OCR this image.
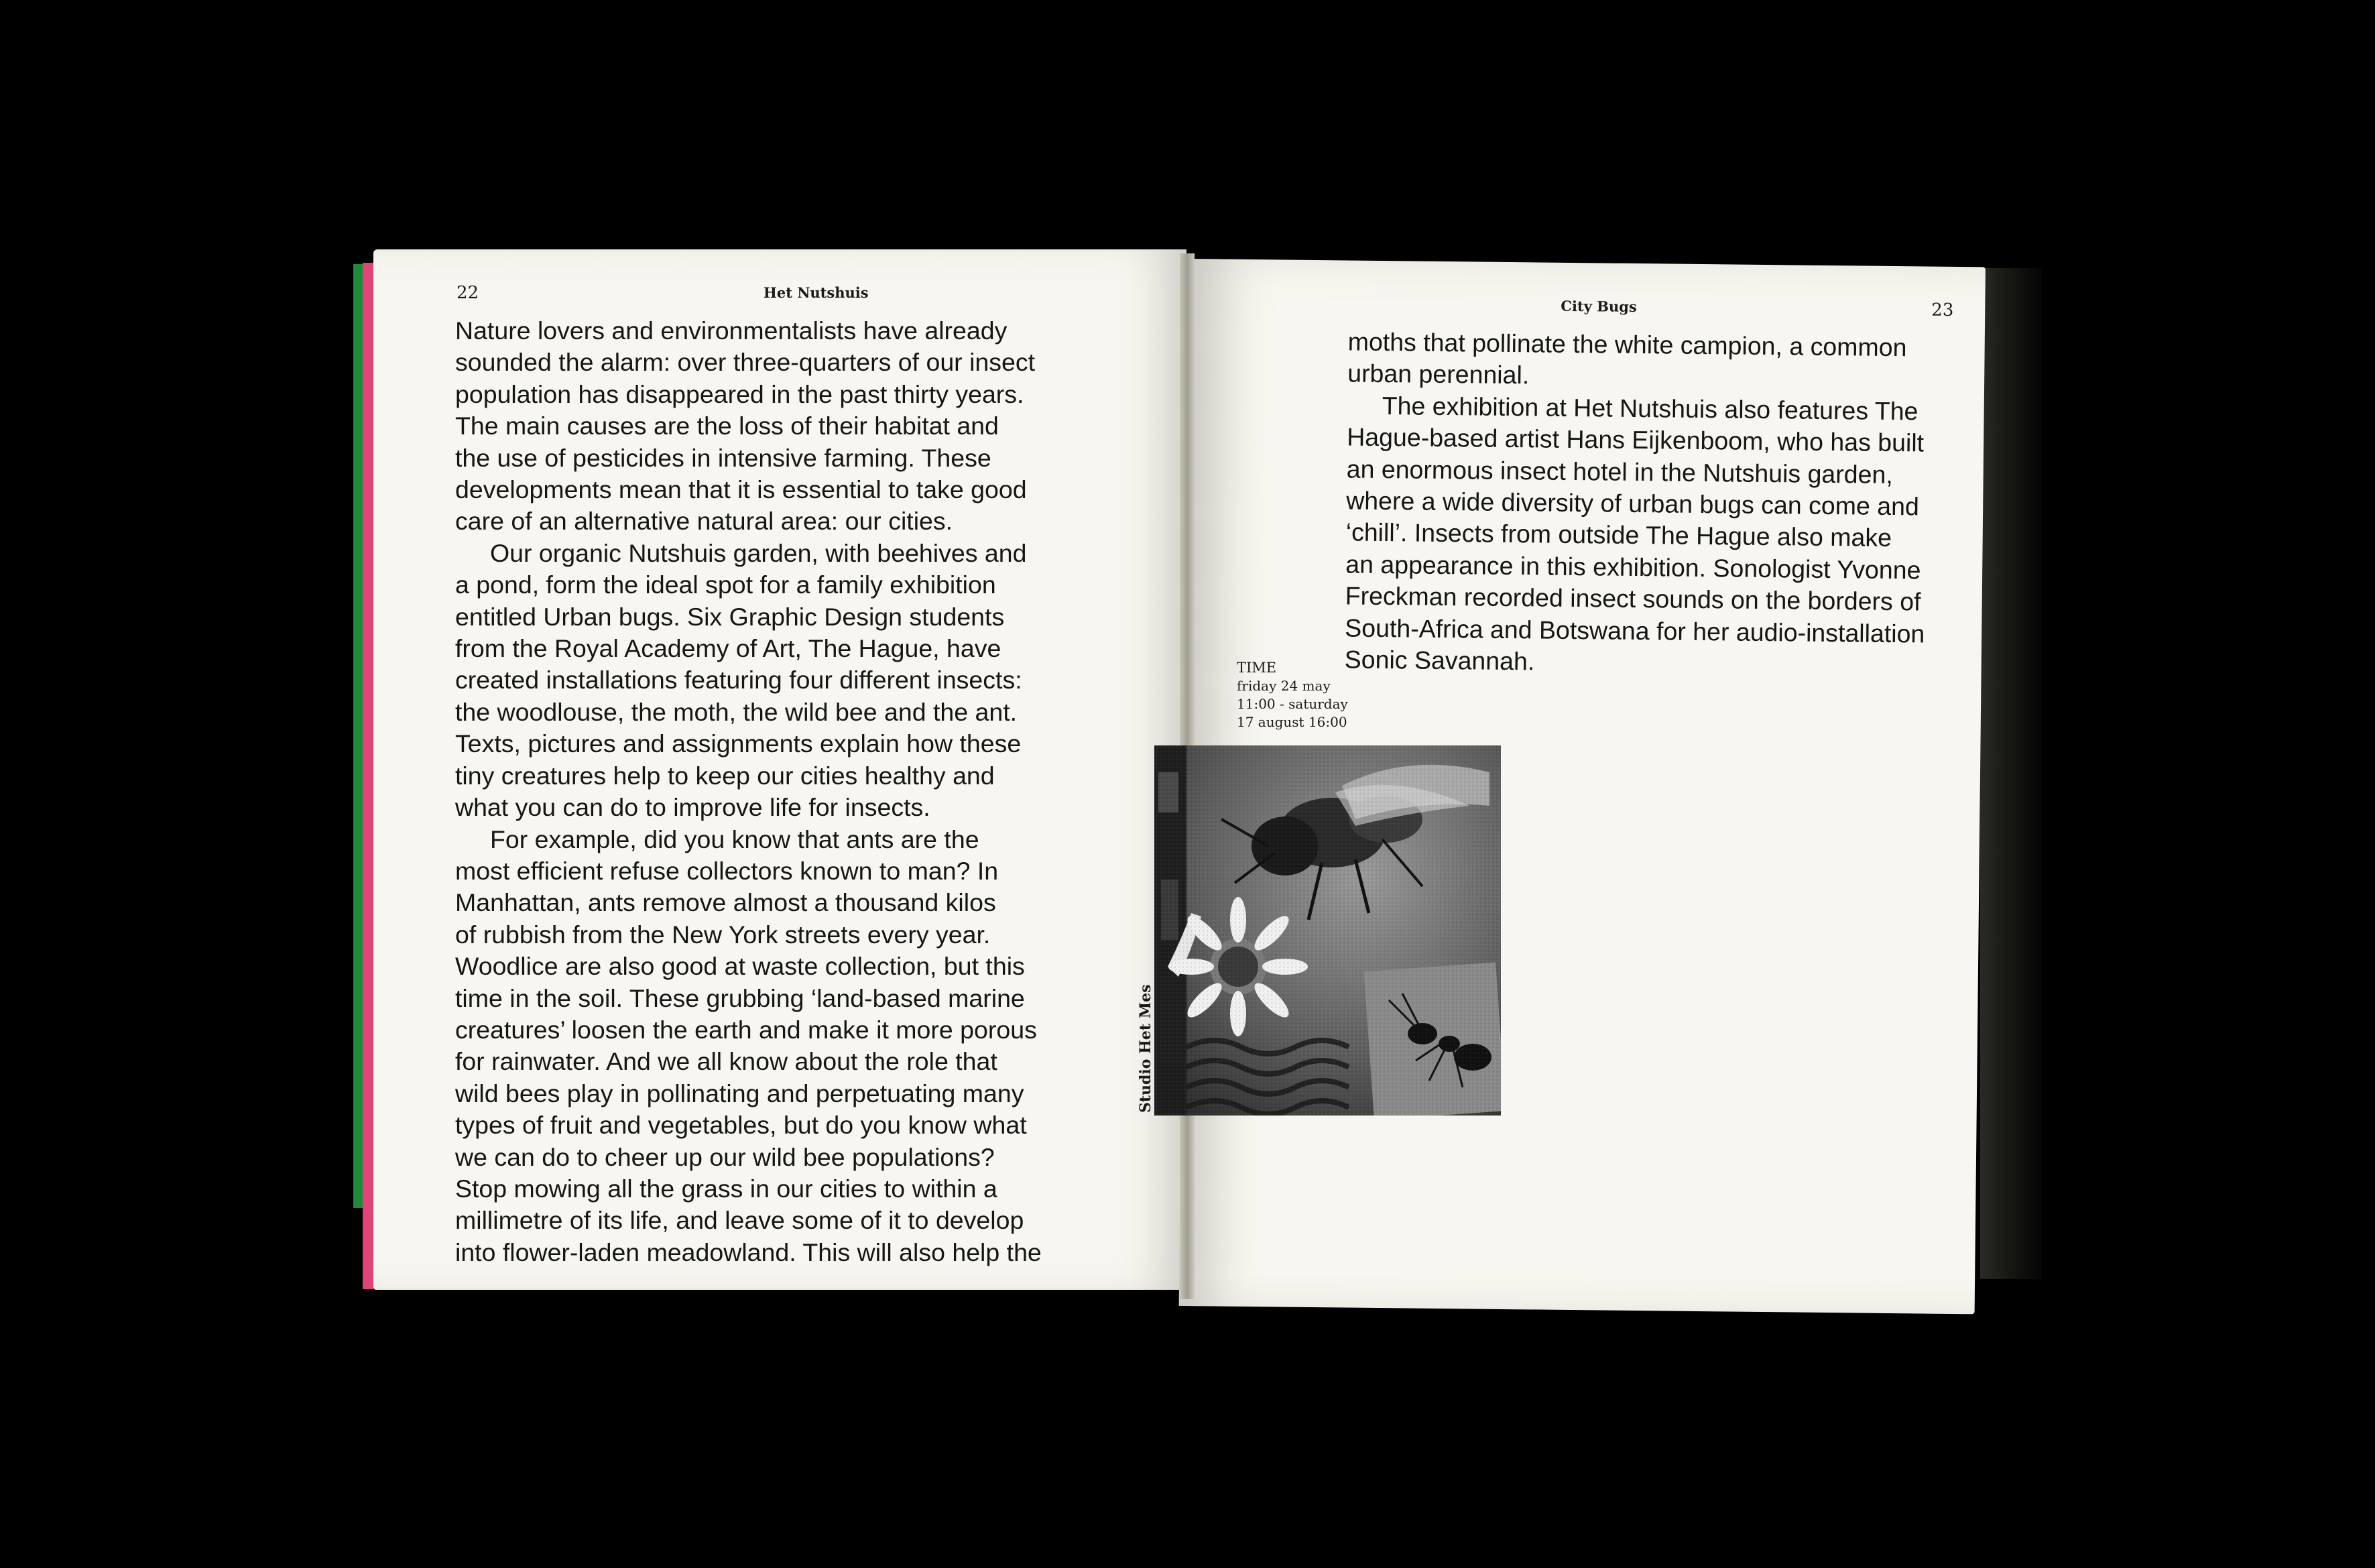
22	Het Nutshuis

Nature lovers and environmentalists have already
sounded the alarm: over three-quarters of our insect
population has disappeared in the past thirty years.
The main causes are the loss of their habitat and
the use of pesticides in intensive farming. These
developments mean that it is essential to take good
care of an alternative natural area: our cities.

Our organic Nutshuis garden, with beehives and
a pond, form the ideal spot for a family exhibition
entitled Urban bugs. Six Graphic Design students
from the Royal Academy of Art, The Hague, have
created installations featuring four different insects:
the woodlouse, the moth, the wild bee and the ant.
Texts, pictures and assignments explain how these
tiny creatures help to keep our cities healthy and
what you can do to improve life for insects.

For example, did you know that ants are the
most efficient refuse collectors known to man? In
Manhattan, ants remove almost a thousand kilos
of rubbish from the New York streets every year.
Woodlice are also good at waste collection, but this
time in the soil. These grubbing ‘land-based marine
creatures’ loosen the earth and make it more porous
for rainwater. And we all know about the role that
wild bees play in pollinating and perpetuating many
types of fruit and vegetables, but do you know what
we can do to cheer up our wild bee populations?
Stop mowing all the grass in our cities to within a
millimetre of its life, and leave some of it to develop
into flower-laden meadowland. This will also help the

City Bugs	23

moths that pollinate the white campion, a common
urban perennial.

The exhibition at Het Nutshuis also features The
Hague-based artist Hans Eijkenboom, who has built
an enormous insect hotel in the Nutshuis garden,
where a wide diversity of urban bugs can come and
‘chill’. Insects from outside The Hague also make
an appearance in this exhibition. Sonologist Yvonne
Freckman recorded insect sounds on the borders of
South-Africa and Botswana for her audio-installation
Sonic Savannah.

TIME
friday 24 may
11:00 - saturday
17 august 16:00
Studio Het Mes
